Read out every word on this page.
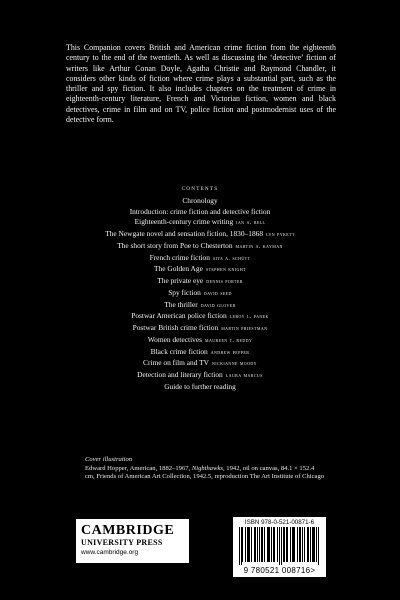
This Companion covers British and American crime fiction from the eighteenth century to the end of the twentieth. As well as discussing the ‘detective’ fiction of writers like Arthur Conan Doyle, Agatha Christie and Raymond Chandler, it considers other kinds of fiction where crime plays a substantial part, such as the thriller and spy fiction. It also includes chapters on the treatment of crime in eighteenth-century literature, French and Victorian fiction, women and black detectives, crime in film and on TV, police fiction and postmodernist uses of the detective form.
CONTENTS
Chronology
Introduction: crime fiction and detective fiction
Eighteenth-century crime writing ian a. bell
The Newgate novel and sensation fiction, 1830–1868 lyn pykett
The short story from Poe to Chesterton martin a. kayman
French crime fiction sita a. schütt
The Golden Age stephen knight
The private eye dennis porter
Spy fiction david seed
The thriller david glover
Postwar American police fiction leroy l. panek
Postwar British crime fiction martin priestman
Women detectives maureen t. reddy
Black crime fiction andrew pepper
Crime on film and TV nickianne moody
Detection and literary fiction laura marcus
Guide to further reading
Cover illustration
Edward Hopper, American, 1882–1967, Nighthawks, 1942, oil on canvas, 84.1 × 152.4 cm, Friends of American Art Collection, 1942.5, reproduction The Art Institute of Chicago
CAMBRIDGE
UNIVERSITY PRESS
www.cambridge.org
ISBN 978-0-521-00871-6
9 780521 008716>
